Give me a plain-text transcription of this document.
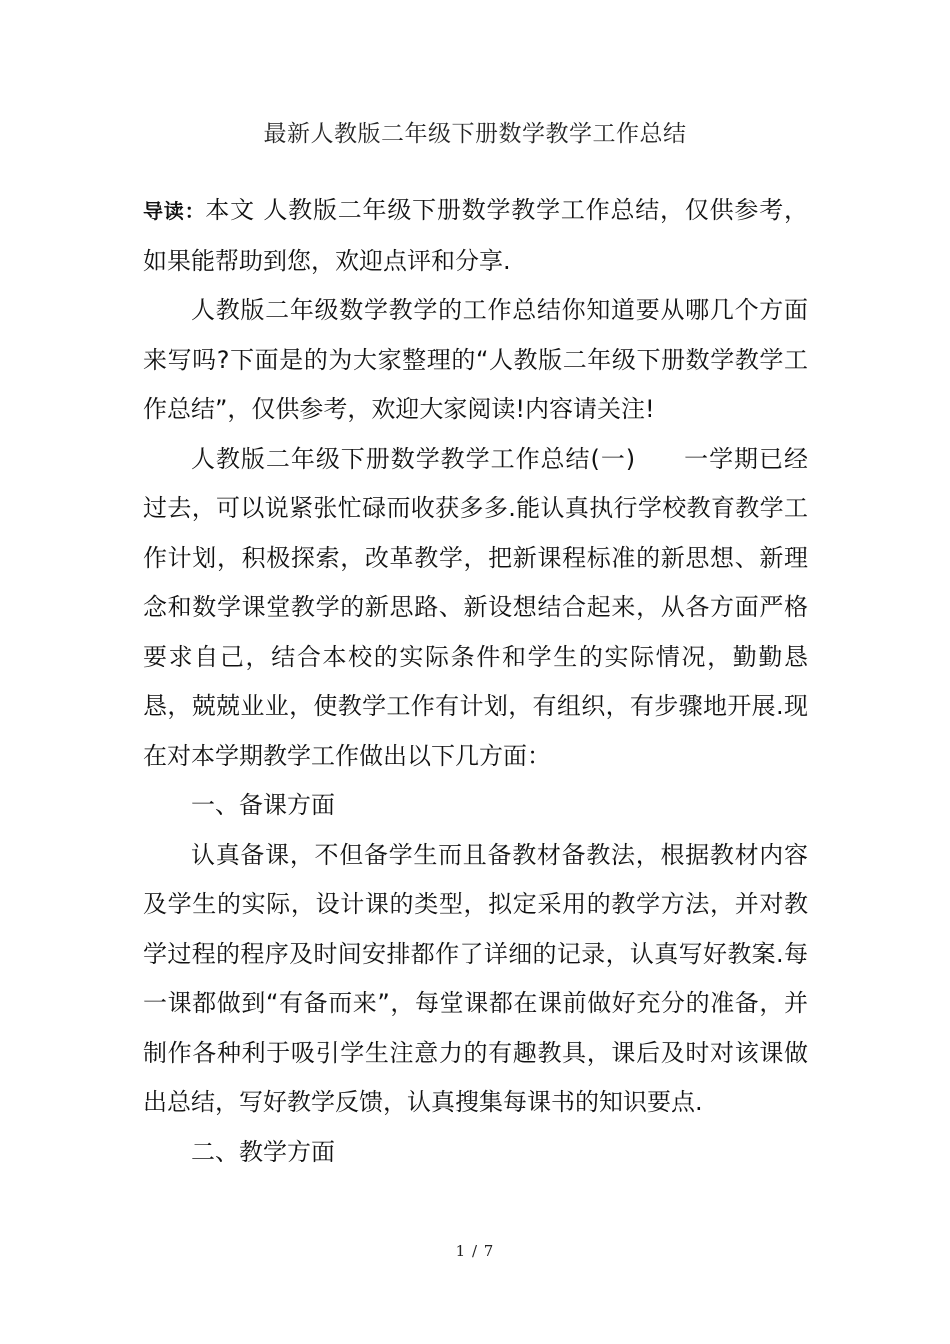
最新人教版二年级下册数学教学工作总结

导读：本文 人教版二年级下册数学教学工作总结，仅供参考，如果能帮助到您，欢迎点评和分享.

人教版二年级数学教学的工作总结你知道要从哪几个方面来写吗?下面是的为大家整理的“人教版二年级下册数学教学工作总结”，仅供参考，欢迎大家阅读!内容请关注!

人教版二年级下册数学教学工作总结(一) 一学期已经过去，可以说紧张忙碌而收获多多.能认真执行学校教育教学工作计划，积极探索，改革教学，把新课程标准的新思想、新理念和数学课堂教学的新思路、新设想结合起来，从各方面严格要求自己，结合本校的实际条件和学生的实际情况，勤勤恳恳，兢兢业业，使教学工作有计划，有组织，有步骤地开展.现在对本学期教学工作做出以下几方面：

一、备课方面

认真备课，不但备学生而且备教材备教法，根据教材内容及学生的实际，设计课的类型，拟定采用的教学方法，并对教学过程的程序及时间安排都作了详细的记录，认真写好教案.每一课都做到“有备而来”，每堂课都在课前做好充分的准备，并制作各种利于吸引学生注意力的有趣教具，课后及时对该课做出总结，写好教学反馈，认真搜集每课书的知识要点.

二、教学方面

1 / 7
